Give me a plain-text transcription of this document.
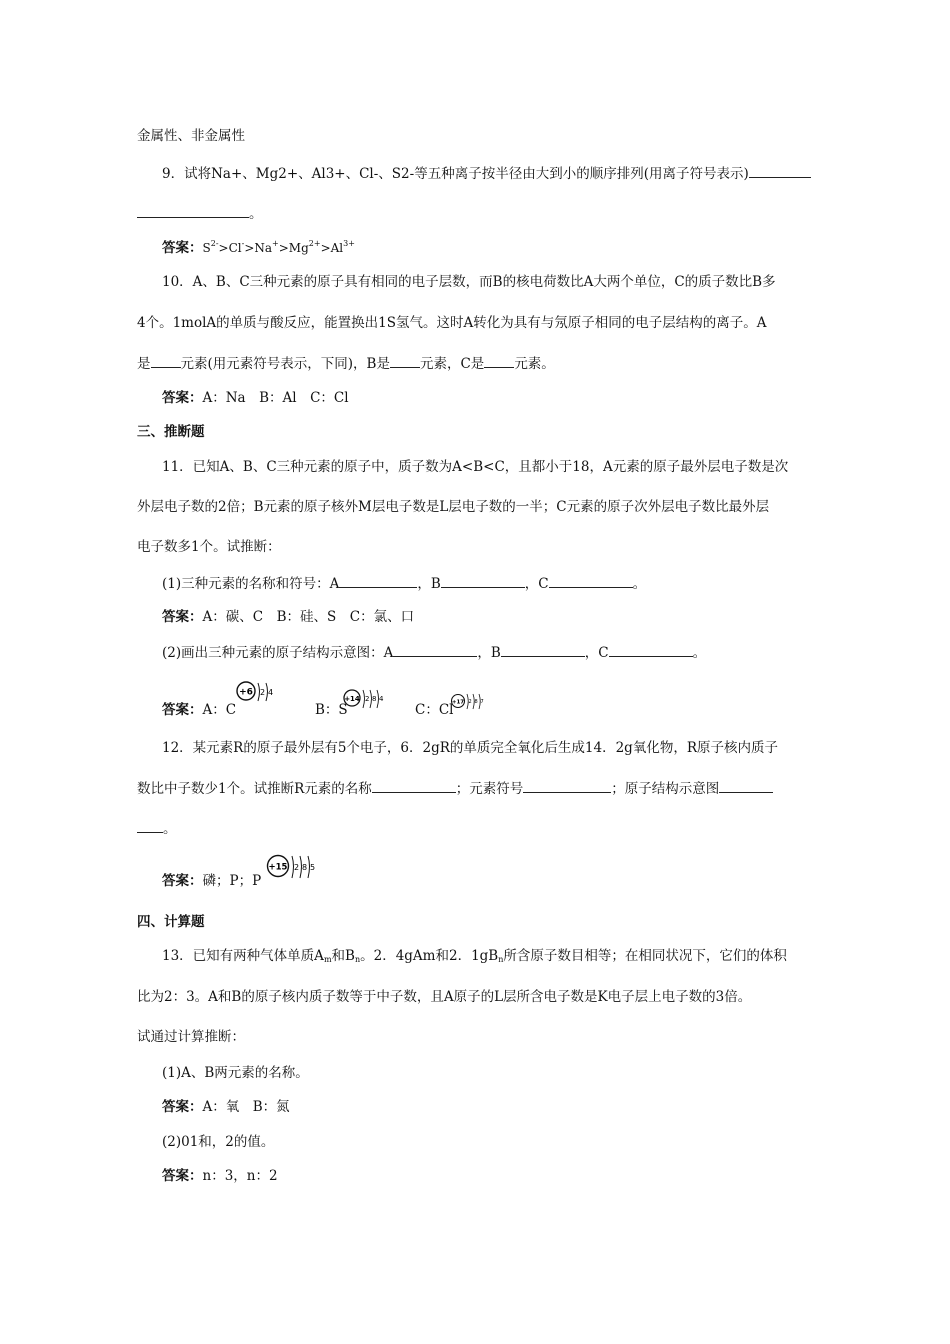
金属性、非金属性
9．试将Na+、Mg2+、Al3+、Cl-、S2-等五种离子按半径由大到小的顺序排列(用离子符号表示)
。
答案：$S^{2-}>Cl^->Na^+>Mg^{2+}>Al^{3+}$
10．A、B、C三种元素的原子具有相同的电子层数，而B的核电荷数比A大两个单位，C的质子数比B多
4个。1molA的单质与酸反应，能置换出1S氢气。这时A转化为具有与氖原子相同的电子层结构的离子。A
是 元素(用元素符号表示，下同)，B是 元素，C是 元素。
答案：A：Na　B：Al　C：Cl
三、推断题
11．已知A、B、C三种元素的原子中，质子数为A<B<C，且都小于18，A元素的原子最外层电子数是次
外层电子数的2倍；B元素的原子核外M层电子数是L层电子数的一半；C元素的原子次外层电子数比最外层
电子数多1个。试推断：
(1)三种元素的名称和符号：A	，B	，C	。
答案：A：碳、C　B：硅、S　C：氯、口
(2)画出三种元素的原子结构示意图：A	，B	，C	。
答案：A：C
+6 2 4
B：S
+14 2 8 4
C：Cl
+17 2 8 7
12．某元素R的原子最外层有5个电子，6．2gR的单质完全氧化后生成14．2g氧化物，R原子核内质子
数比中子数少1个。试推断R元素的名称	；元素符号	；原子结构示意图
。
答案：磷；P；P
+15 2 8 5
四、计算题
13．已知有两种气体单质$A_m$和$B_n$。2．4gAm和2．$1gB_n$所含原子数目相等；在相同状况下，它们的体积
比为2：3。A和B的原子核内质子数等于中子数，且A原子的L层所含电子数是K电子层上电子数的3倍。
试通过计算推断：
(1)A、B两元素的名称。
答案：A：氧　B：氮
(2)01和，2的值。
答案：n：3，n：2
